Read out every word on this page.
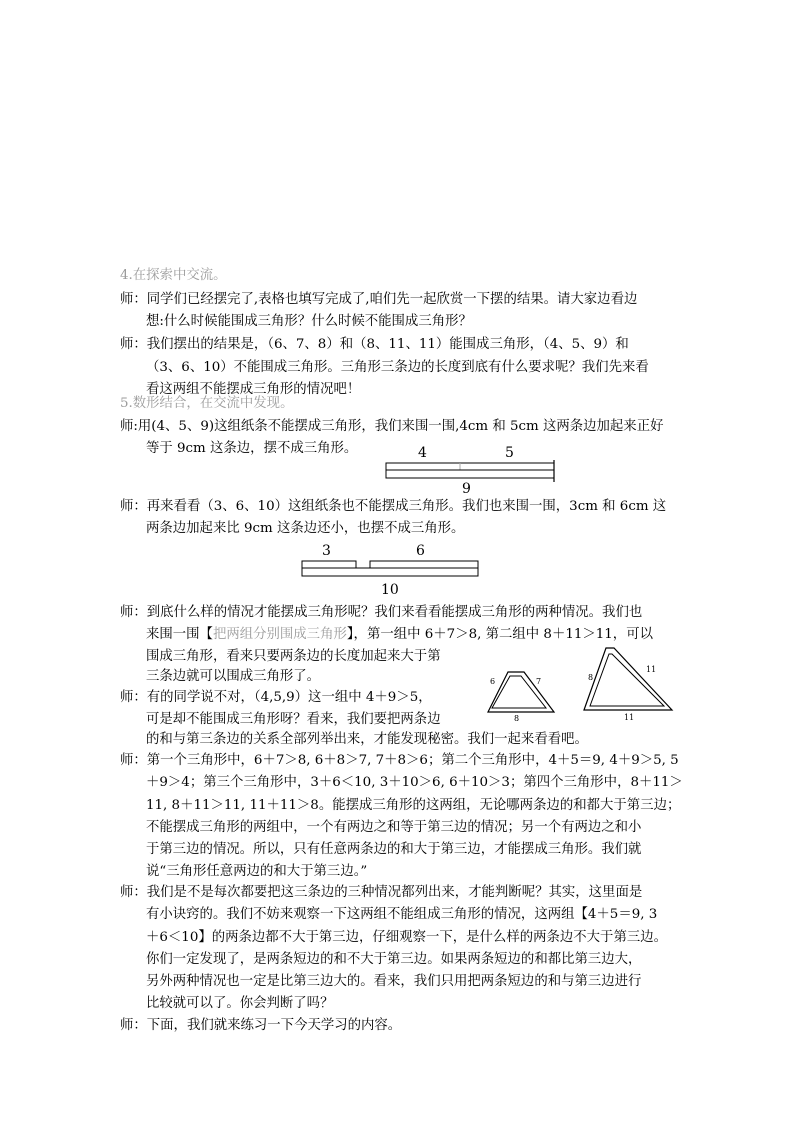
4.在探索中交流。
师：同学们已经摆完了,表格也填写完成了,咱们先一起欣赏一下摆的结果。请大家边看边
想:什么时候能围成三角形？什么时候不能围成三角形？
师：我们摆出的结果是，（6、7、8）和（8、11、11）能围成三角形，（4、5、9）和
（3、6、10）不能围成三角形。三角形三条边的长度到底有什么要求呢？我们先来看
看这两组不能摆成三角形的情况吧！
5.数形结合，在交流中发现。
师:用(4、5、9)这组纸条不能摆成三角形，我们来围一围,4cm 和 5cm 这两条边加起来正好
等于 9cm 这条边，摆不成三角形。	4	5
9
师：再来看看（3、6、10）这组纸条也不能摆成三角形。我们也来围一围，3cm 和 6cm 这
两条边加起来比 9cm 这条边还小，也摆不成三角形。
3	6
10
师：到底什么样的情况才能摆成三角形呢？我们来看看能摆成三角形的两种情况。我们也
来围一围【把两组分别围成三角形】，第一组中 6＋7＞8, 第二组中 8＋11＞11，可以
围成三角形，看来只要两条边的长度加起来大于第
三条边就可以围成三角形了。
师：有的同学说不对，（4,5,9）这一组中 4＋9＞5，
可是却不能围成三角形呀？看来，我们要把两条边
的和与第三条边的关系全部列举出来，才能发现秘密。我们一起来看看吧。
6	7
8
8
11
11
师：第一个三角形中，6＋7＞8, 6＋8＞7, 7＋8＞6；第二个三角形中，4＋5＝9, 4＋9＞5, 5
＋9＞4；第三个三角形中，3＋6＜10, 3＋10＞6, 6＋10＞3；第四个三角形中，8＋11＞
11, 8＋11＞11, 11＋11＞8。能摆成三角形的这两组，无论哪两条边的和都大于第三边；
不能摆成三角形的两组中，一个有两边之和等于第三边的情况；另一个有两边之和小
于第三边的情况。所以，只有任意两条边的和大于第三边，才能摆成三角形。我们就
说“三角形任意两边的和大于第三边。”
师：我们是不是每次都要把这三条边的三种情况都列出来，才能判断呢？其实，这里面是
有小诀窍的。我们不妨来观察一下这两组不能组成三角形的情况，这两组【4＋5＝9, 3
＋6＜10】的两条边都不大于第三边，仔细观察一下，是什么样的两条边不大于第三边。
你们一定发现了，是两条短边的和不大于第三边。如果两条短边的和都比第三边大，
另外两种情况也一定是比第三边大的。看来，我们只用把两条短边的和与第三边进行
比较就可以了。你会判断了吗？
师：下面，我们就来练习一下今天学习的内容。
